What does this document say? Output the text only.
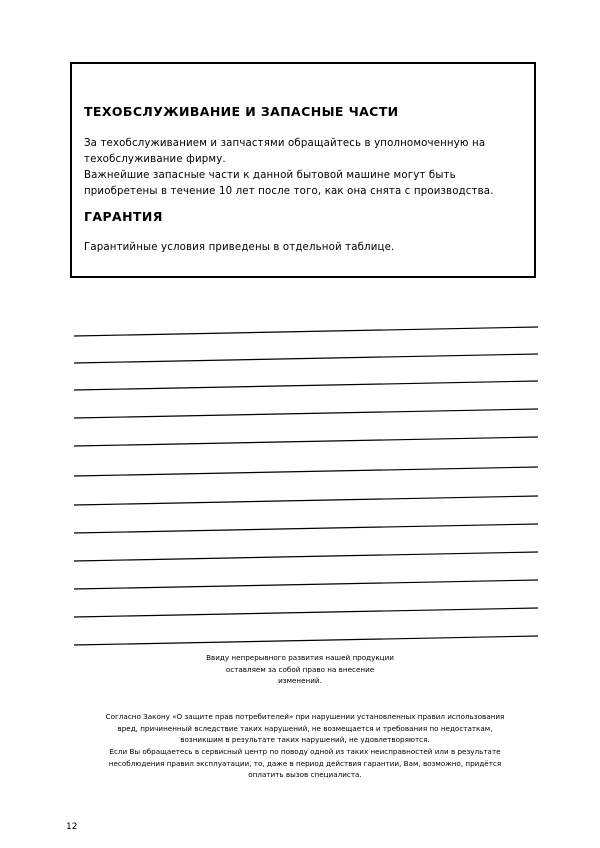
ТЕХОБСЛУЖИВАНИЕ И ЗАПАСНЫЕ ЧАСТИ
За техобслуживанием и запчастями обращайтесь в уполномоченную на
техобслуживание фирму.
Важнейшие запасные части к данной бытовой машине могут быть
приобретены в течение 10 лет после того, как она снята с производства.
ГАРАНТИЯ
Гарантийные условия приведены в отдельной таблице.
Ввиду непрерывного развития нашей продукции
оставляем за собой право на внесение
изменений.
Согласно Закону «О защите прав потребителей» при нарушении установленных правил использования
вред, причиненный вследствие таких нарушений, не возмещается и требования по недостаткам,
возникшим в результате таких нарушений, не удовлетворяются.
Если Вы обращаетесь в сервисный центр по поводу одной из таких неисправностей или в результате
несоблюдения правил эксплуатации, то, даже в период действия гарантии, Вам, возможно, придётся
оплатить вызов специалиста.
12
